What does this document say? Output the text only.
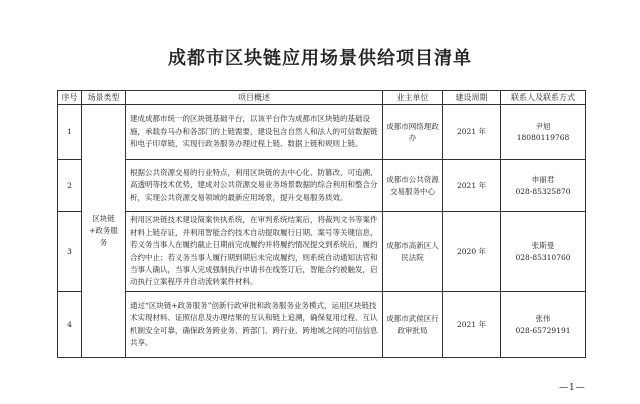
成都市区块链应用场景供给项目清单
序号	场景类型	项目概述	业主单位	建设周期	联系人及联系方式
1	区块链+政务服务	建成成都市统一的区块链基础平台，以该平台作为成都市区块链的基础设施，承载券马办和各部门的上链需要，建设包含自然人和法人的可信数据链和电子印章链，实现行政务服务办理过程上链、数据上链和规则上链。	成都市网络理政办	2021 年	尹旭
18080119768

2		根据公共资源交易的行业特点，利用区块链的去中心化、防篡改、可追溯、高透明等技术优势，建成对公共资源交易业务场景数据的综合利用和整合分析，实现公共资源交易领域的最新应用场景，提升交易服务质效。	成都市公共资源交易服务中心	2021 年	申丽君
028-85325870

3		利用区块链技术建设简案快执系统，在审判系统结案后，将裁判文书等案件材料上链存证，并利用智能合约技术自动提取履行日期、案号等关键信息，若义务当事人在履约截止日期前完成履约并将履约情况提交到系统后，履约合约中止；若义务当事人履行期到期后未完成履约，则系统自动通知法官和当事人确认，当事人完成强制执行申请书在线签订后，智能合约被触发，启动执行立案程序并自动流转案件材料。	成都市高新区人民法院	2020 年	张斯曼
028-85310760

4		通过“区块链+政务服务”创新行政审批和政务服务业务模式，运用区块链技术实现材料、证照信息及办理结果的互认和链上追溯，确保复用过程、互认机制安全可靠，确保政务跨业务、跨部门、跨行业、跨地域之间的可信信息共享。	成都市武侯区行政审批局	2021 年	张伟
028-65729191
—1—
